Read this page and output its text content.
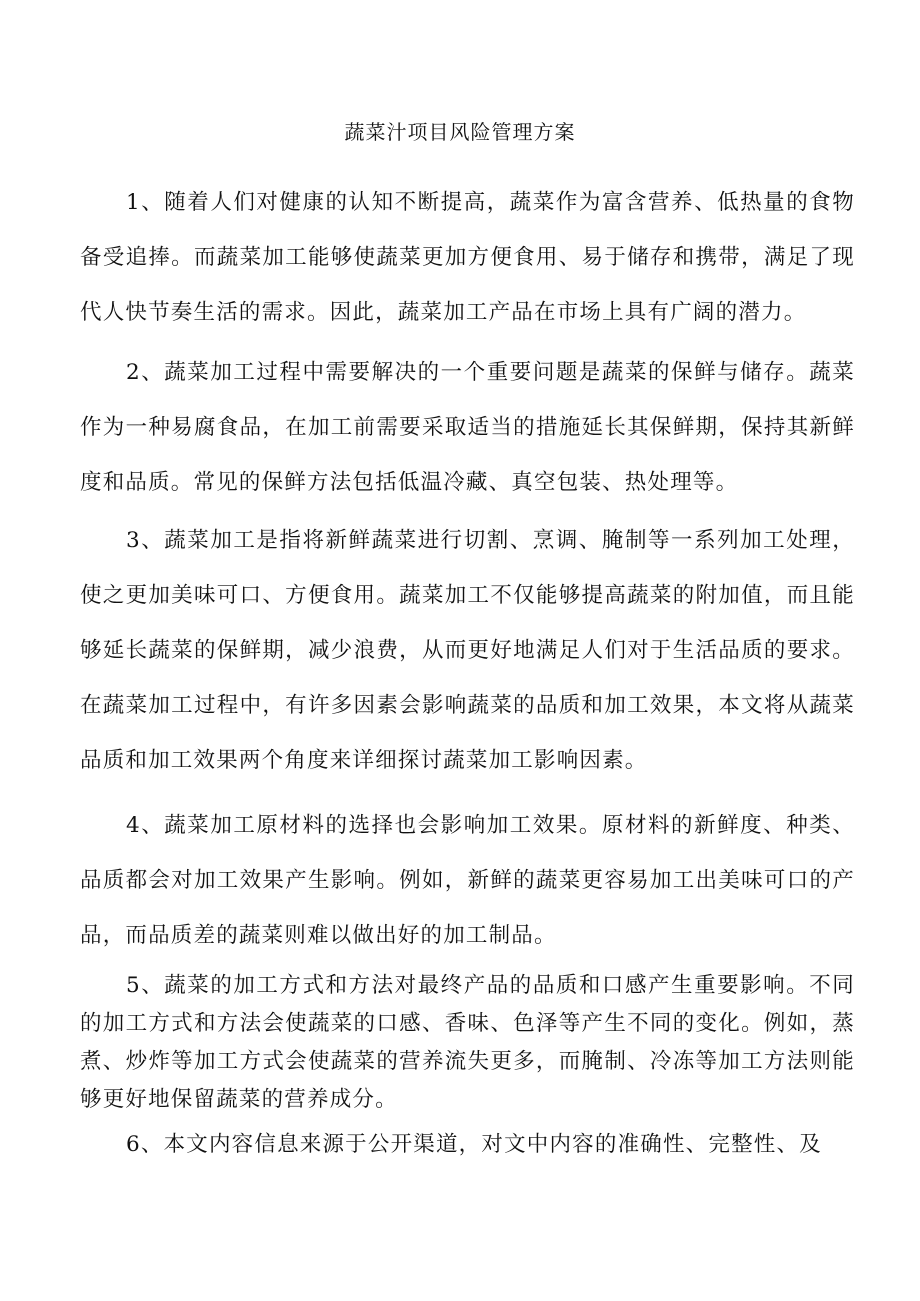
蔬菜汁项目风险管理方案

1、随着人们对健康的认知不断提高，蔬菜作为富含营养、低热量的食物备受追捧。而蔬菜加工能够使蔬菜更加方便食用、易于储存和携带，满足了现代人快节奏生活的需求。因此，蔬菜加工产品在市场上具有广阔的潜力。

2、蔬菜加工过程中需要解决的一个重要问题是蔬菜的保鲜与储存。蔬菜作为一种易腐食品，在加工前需要采取适当的措施延长其保鲜期，保持其新鲜度和品质。常见的保鲜方法包括低温冷藏、真空包装、热处理等。

3、蔬菜加工是指将新鲜蔬菜进行切割、烹调、腌制等一系列加工处理，使之更加美味可口、方便食用。蔬菜加工不仅能够提高蔬菜的附加值，而且能够延长蔬菜的保鲜期，减少浪费，从而更好地满足人们对于生活品质的要求。在蔬菜加工过程中，有许多因素会影响蔬菜的品质和加工效果，本文将从蔬菜品质和加工效果两个角度来详细探讨蔬菜加工影响因素。

4、蔬菜加工原材料的选择也会影响加工效果。原材料的新鲜度、种类、品质都会对加工效果产生影响。例如，新鲜的蔬菜更容易加工出美味可口的产品，而品质差的蔬菜则难以做出好的加工制品。

5、蔬菜的加工方式和方法对最终产品的品质和口感产生重要影响。不同的加工方式和方法会使蔬菜的口感、香味、色泽等产生不同的变化。例如，蒸煮、炒炸等加工方式会使蔬菜的营养流失更多，而腌制、冷冻等加工方法则能够更好地保留蔬菜的营养成分。

6、本文内容信息来源于公开渠道，对文中内容的准确性、完整性、及
